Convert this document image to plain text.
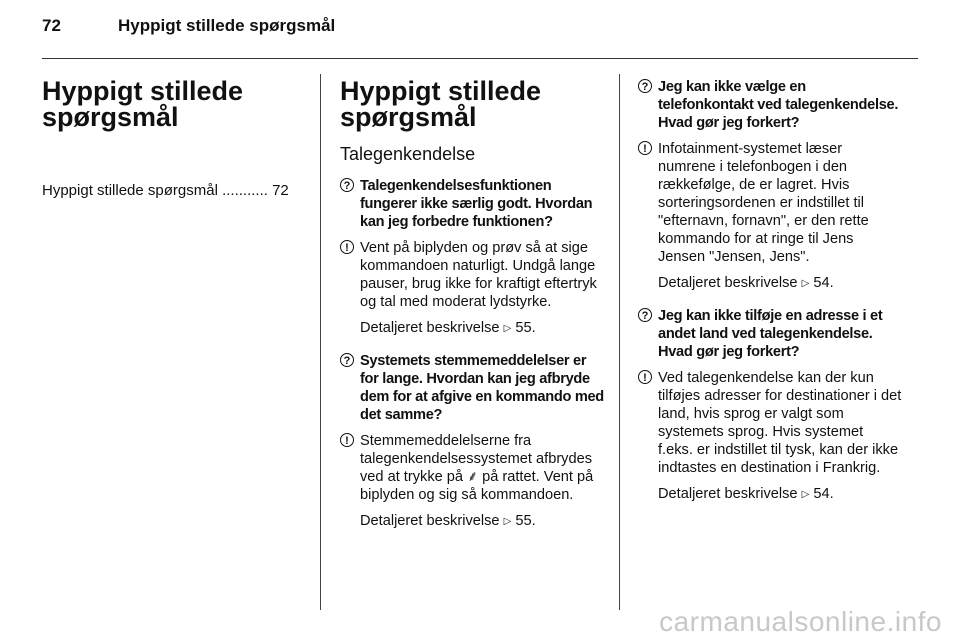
72	Hyppigt stillede spørgsmål
Hyppigt stillede spørgsmål
Hyppigt stillede spørgsmål
...........
72
Hyppigt stillede spørgsmål
Talegenkendelse
? Talegenkendelsesfunktionen fungerer ikke særlig godt. Hvordan kan jeg forbedre funktionen?
! Vent på biplyden og prøv så at sige kommandoen naturligt. Undgå lange pauser, brug ikke for kraftigt eftertryk og tal med moderat lydstyrke.
Detaljeret beskrivelse ▷ 55.
? Systemets stemmemeddelelser er for lange. Hvordan kan jeg afbryde dem for at afgive en kommando med det samme?
! Stemmemeddelelserne fra talegenkendelsessystemet afbrydes ved at trykke på ⸙ på rattet. Vent på biplyden og sig så kommandoen.
Detaljeret beskrivelse ▷ 55.
? Jeg kan ikke vælge en telefonkontakt ved talegenkendelse. Hvad gør jeg forkert?
! Infotainment-systemet læser numrene i telefonbogen i den rækkefølge, de er lagret. Hvis sorteringsordenen er indstillet til "efternavn, fornavn", er den rette kommando for at ringe til Jens Jensen "Jensen, Jens".
Detaljeret beskrivelse ▷ 54.
? Jeg kan ikke tilføje en adresse i et andet land ved talegenkendelse. Hvad gør jeg forkert?
! Ved talegenkendelse kan der kun tilføjes adresser for destinationer i det land, hvis sprog er valgt som systemets sprog. Hvis systemet f.eks. er indstillet til tysk, kan der ikke indtastes en destination i Frankrig.
Detaljeret beskrivelse ▷ 54.
carmanualsonline.info
